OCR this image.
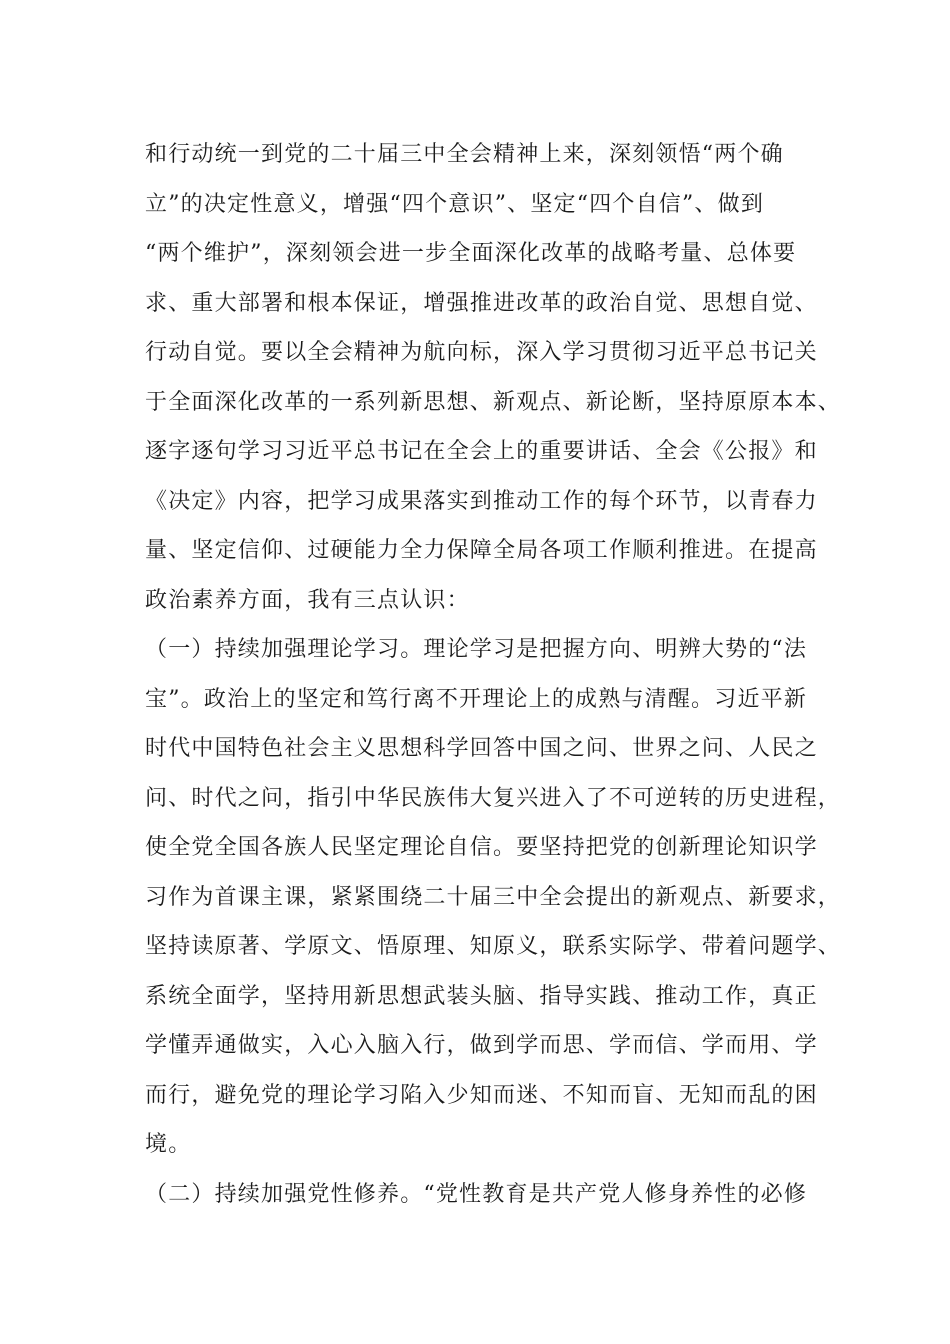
和行动统一到党的二十届三中全会精神上来，深刻领悟“两个确
立”的决定性意义，增强“四个意识”、坚定“四个自信”、做到
“两个维护”，深刻领会进一步全面深化改革的战略考量、总体要
求、重大部署和根本保证，增强推进改革的政治自觉、思想自觉、
行动自觉。要以全会精神为航向标，深入学习贯彻习近平总书记关
于全面深化改革的一系列新思想、新观点、新论断，坚持原原本本、
逐字逐句学习习近平总书记在全会上的重要讲话、全会《公报》和
《决定》内容，把学习成果落实到推动工作的每个环节，以青春力
量、坚定信仰、过硬能力全力保障全局各项工作顺利推进。在提高
政治素养方面，我有三点认识：
（一）持续加强理论学习。理论学习是把握方向、明辨大势的“法
宝”。政治上的坚定和笃行离不开理论上的成熟与清醒。习近平新
时代中国特色社会主义思想科学回答中国之问、世界之问、人民之
问、时代之问，指引中华民族伟大复兴进入了不可逆转的历史进程，
使全党全国各族人民坚定理论自信。要坚持把党的创新理论知识学
习作为首课主课，紧紧围绕二十届三中全会提出的新观点、新要求，
坚持读原著、学原文、悟原理、知原义，联系实际学、带着问题学、
系统全面学，坚持用新思想武装头脑、指导实践、推动工作，真正
学懂弄通做实，入心入脑入行，做到学而思、学而信、学而用、学
而行，避免党的理论学习陷入少知而迷、不知而盲、无知而乱的困
境。
（二）持续加强党性修养。“党性教育是共产党人修身养性的必修
